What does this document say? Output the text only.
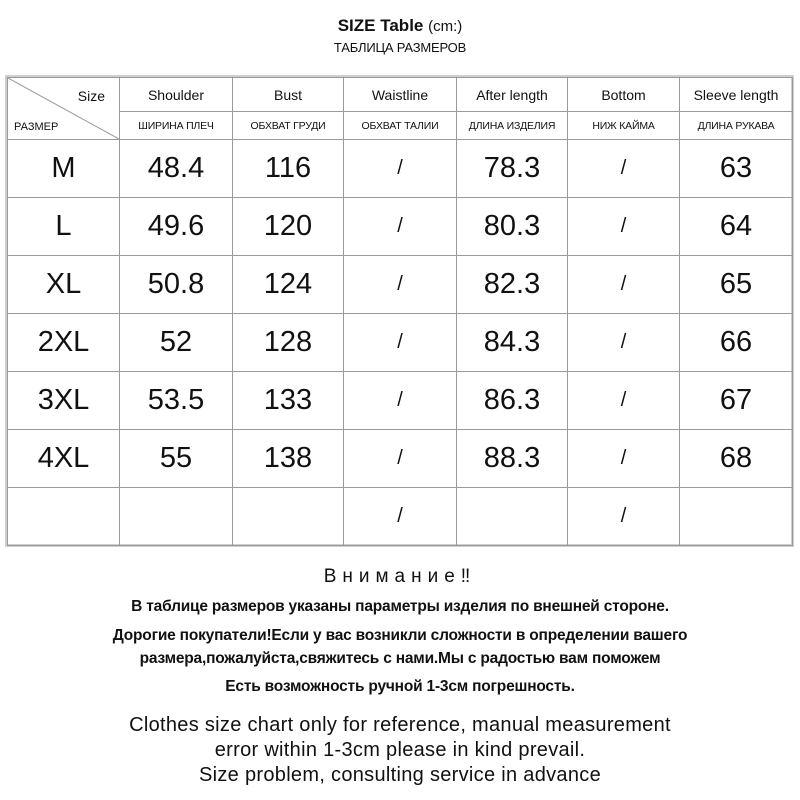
SIZE Table (cm:)
ТАБЛИЦА РАЗМЕРОВ
Size
РАЗМЕР	Shoulder	Bust	Waistline	After length	Bottom	Sleeve length
	ШИРИНА ПЛЕЧ	ОБХВАТ ГРУДИ	ОБХВАТ ТАЛИИ	ДЛИНА ИЗДЕЛИЯ	НИЖ КАЙМА	ДЛИНА РУКАВА
M	48.4	116	/	78.3	/	63
L	49.6	120	/	80.3	/	64
XL	50.8	124	/	82.3	/	65
2XL	52	128	/	84.3	/	66
3XL	53.5	133	/	86.3	/	67
4XL	55	138	/	88.3	/	68
			/		/	
Внимание‼
В таблице размеров указаны параметры изделия по внешней стороне.
Дорогие покупатели!Если у вас возникли сложности в определении вашего
размера,пожалуйста,свяжитесь с нами.Мы с радостью вам поможем
Есть возможность ручной 1-3см погрешность.
Clothes size chart only for reference, manual measurement
error within 1-3cm please in kind prevail.
Size problem, consulting service in advance
